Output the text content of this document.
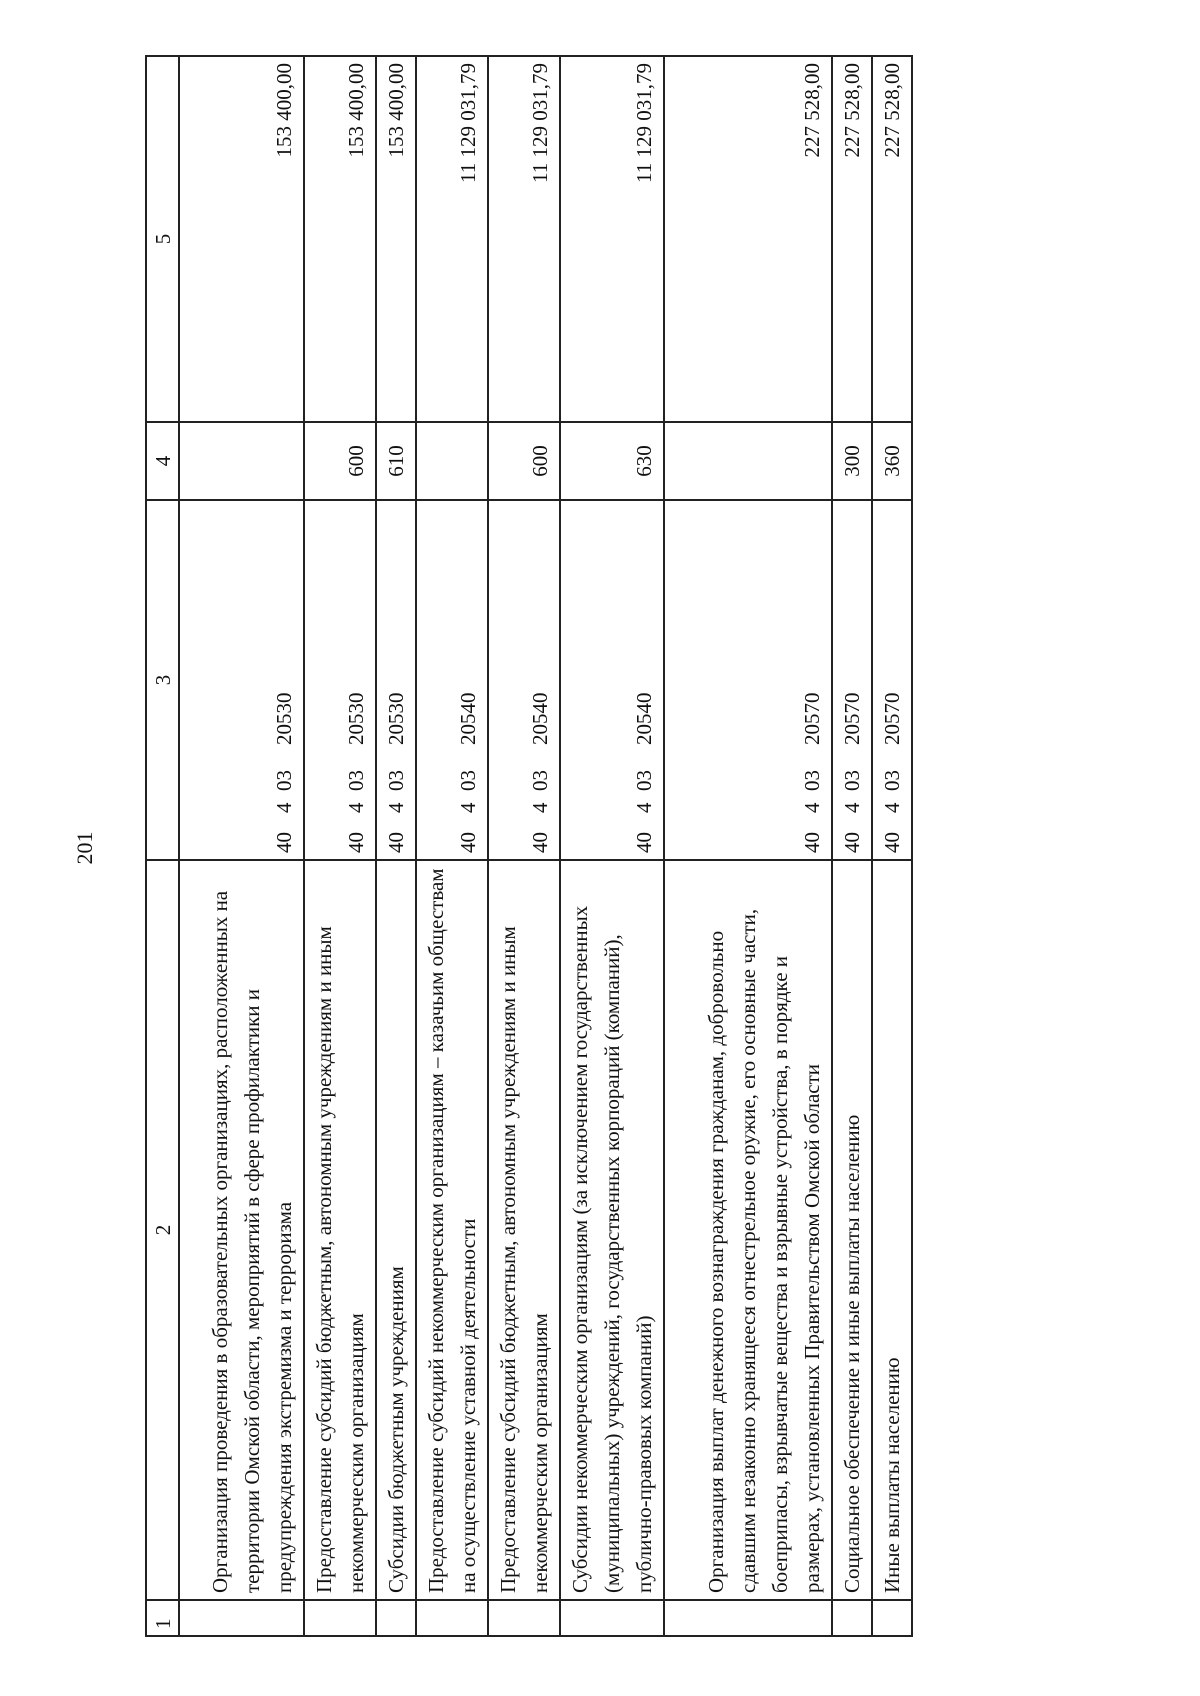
201
1	2	3	4	5
	Организация проведения в образовательных организациях, расположенных на территории Омской области, мероприятий в сфере профилактики и предупреждения экстремизма и терроризма	4040320530		153 400,00
	Предоставление субсидий бюджетным, автономным учреждениям и иным некоммерческим организациям	4040320530	600	153 400,00
	Субсидии бюджетным учреждениям	4040320530	610	153 400,00
	Предоставление субсидий некоммерческим организациям – казачьим обществам на осуществление уставной деятельности	4040320540		11 129 031,79
	Предоставление субсидий бюджетным, автономным учреждениям и иным некоммерческим организациям	4040320540	600	11 129 031,79
	Субсидии некоммерческим организациям (за исключением государственных (муниципальных) учреждений, государственных корпораций (компаний), публично-правовых компаний)	4040320540	630	11 129 031,79
	Организация выплат денежного вознаграждения гражданам, добровольно сдавшим незаконно хранящееся огнестрельное оружие, его основные части, боеприпасы, взрывчатые вещества и взрывные устройства, в порядке и размерах, установленных Правительством Омской области	4040320570		227 528,00
	Социальное обеспечение и иные выплаты населению	4040320570	300	227 528,00
	Иные выплаты населению	4040320570	360	227 528,00
